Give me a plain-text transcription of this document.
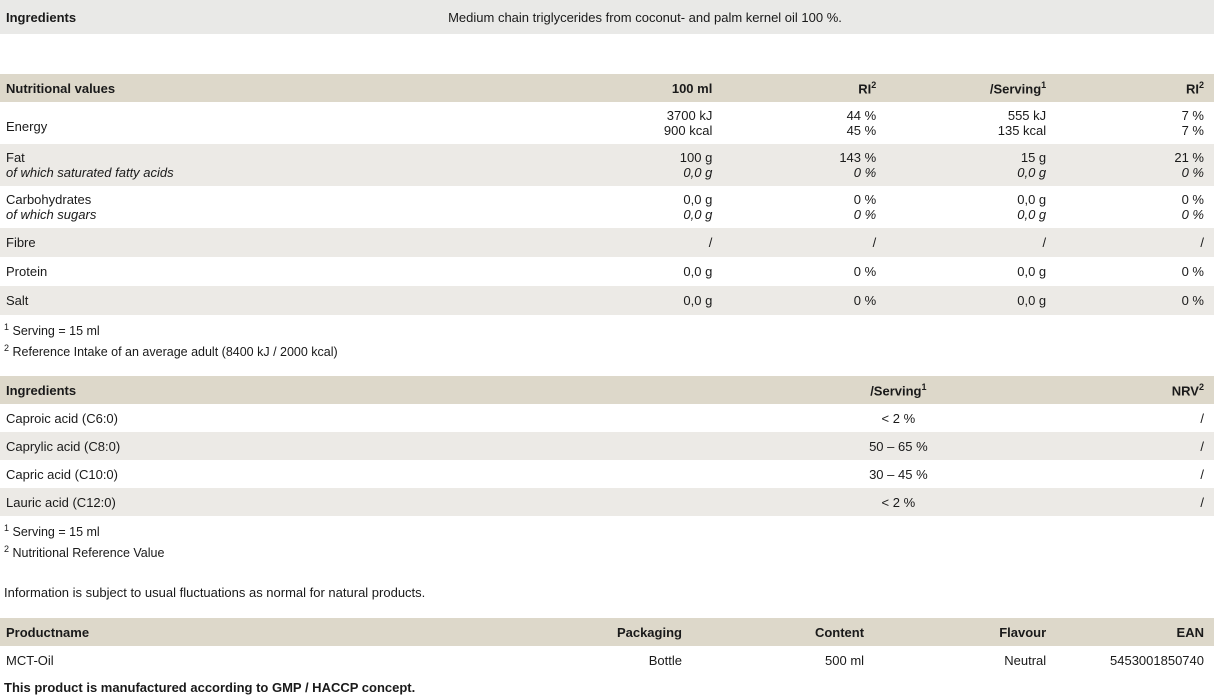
Ingredients	Medium chain triglycerides from coconut- and palm kernel oil 100 %.
Nutritional values	100 ml	$RI^2$	/Serving$^1$	$RI^2$
Energy	3700 kJ	44 %	555 kJ	7 %
	900 kcal	45 %	135 kcal	7 %
Fat	100 g	143 %	15 g	21 %
of which saturated fatty acids	0,0 g	0 %	0,0 g	0 %
Carbohydrates	0,0 g	0 %	0,0 g	0 %
of which sugars	0,0 g	0 %	0,0 g	0 %
Fibre	/	/	/	/
Protein	0,0 g	0 %	0,0 g	0 %
Salt	0,0 g	0 %	0,0 g	0 %
$^1$ Serving = 15 ml
$^2$ Reference Intake of an average adult (8400 kJ / 2000 kcal)
Ingredients	/Serving$^1$	NRV$^2$
Caproic acid (C6:0)	< 2 %	/
Caprylic acid (C8:0)	50 – 65 %	/
Capric acid (C10:0)	30 – 45 %	/
Lauric acid (C12:0)	< 2 %	/
$^1$ Serving = 15 ml
$^2$ Nutritional Reference Value
Information is subject to usual fluctuations as normal for natural products.
Productname	Packaging	Content	Flavour	EAN
MCT-Oil	Bottle	500 ml	Neutral	5453001850740
This product is manufactured according to GMP / HACCP concept.
